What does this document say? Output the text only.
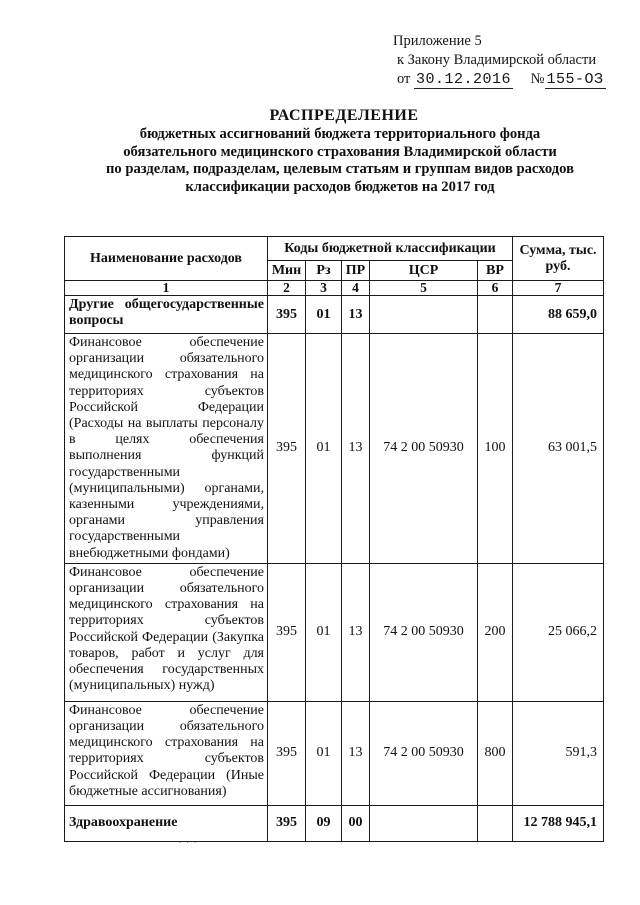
Приложение 5
к Закону Владимирской области
от 30.12.2016 № 155-ОЗ
РАСПРЕДЕЛЕНИЕ
бюджетных ассигнований бюджета территориального фонда
обязательного медицинского страхования Владимирской области
по разделам, подразделам, целевым статьям и группам видов расходов
классификации расходов бюджетов на 2017 год
Наименование расходов	Коды бюджетной классификации					Сумма, тыс. руб.
	Мин	Рз	ПР	ЦСР	ВР	
1	2	3	4	5	6	7
Другие общегосударственные вопросы	395	01	13			88 659,0
Финансовое обеспечение организации обязательного медицинского страхования на территориях субъектов Российской Федерации (Расходы на выплаты персоналу в целях обеспечения выполнения функций государственными (муниципальными) органами, казенными учреждениями, органами управления государственными внебюджетными фондами)	395	01	13	74 2 00 50930	100	63 001,5
Финансовое обеспечение организации обязательного медицинского страхования на территориях субъектов Российской Федерации (Закупка товаров, работ и услуг для обеспечения государственных (муниципальных) нужд)	395	01	13	74 2 00 50930	200	25 066,2
Финансовое обеспечение организации обязательного медицинского страхования на территориях субъектов Российской Федерации (Иные бюджетные ассигнования)	395	01	13	74 2 00 50930	800	591,3
Здравоохранение	395	09	00			12 788 945,1
· · ·
